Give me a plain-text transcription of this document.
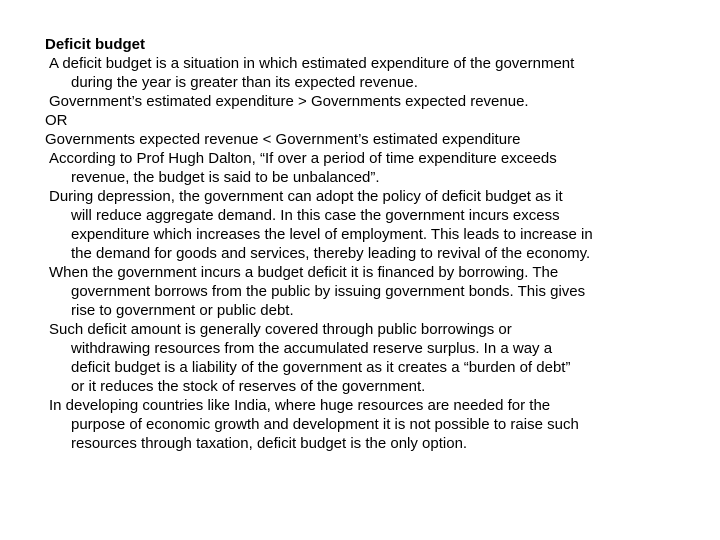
Deficit budget

A deficit budget is a situation in which estimated expenditure of the government
during the year is greater than its expected revenue.

Government’s estimated expenditure > Governments expected revenue.

OR

Governments expected revenue < Government’s estimated expenditure

According to Prof Hugh Dalton, “If over a period of time expenditure exceeds
revenue, the budget is said to be unbalanced”.

During depression, the government can adopt the policy of deficit budget as it
will reduce aggregate demand. In this case the government incurs excess
expenditure which increases the level of employment. This leads to increase in
the demand for goods and services, thereby leading to revival of the economy.

When the government incurs a budget deficit it is financed by borrowing. The
government borrows from the public by issuing government bonds. This gives
rise to government or public debt.

Such deficit amount is generally covered through public borrowings or
withdrawing resources from the accumulated reserve surplus. In a way a
deficit budget is a liability of the government as it creates a “burden of debt”
or it reduces the stock of reserves of the government.

In developing countries like India, where huge resources are needed for the
purpose of economic growth and development it is not possible to raise such
resources through taxation, deficit budget is the only option.
